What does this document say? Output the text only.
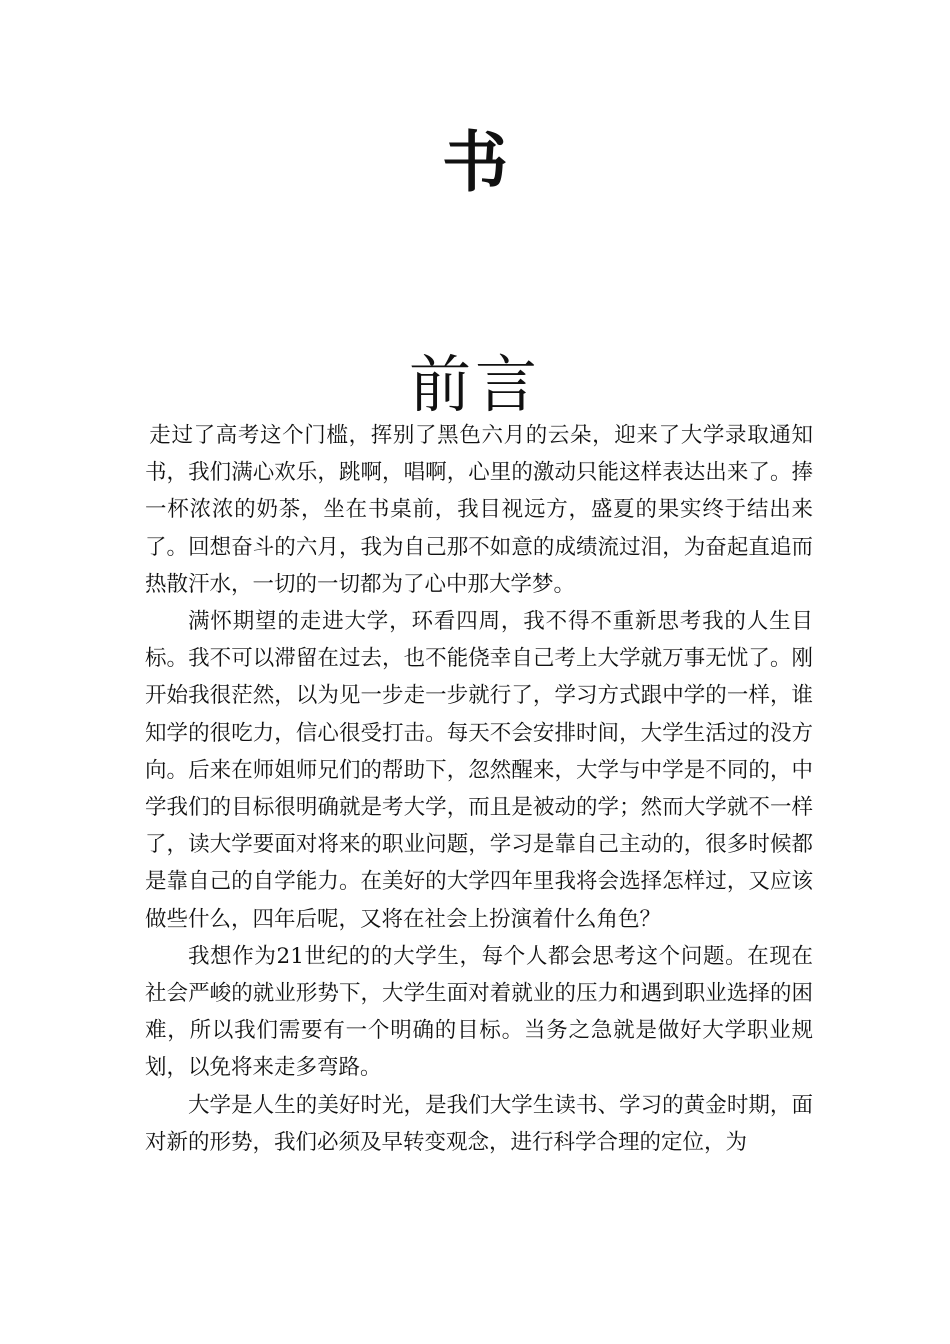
书
前言

走过了高考这个门槛，挥别了黑色六月的云朵，迎来了大学录取通知书，我们满心欢乐，跳啊，唱啊，心里的激动只能这样表达出来了。捧一杯浓浓的奶茶，坐在书桌前，我目视远方，盛夏的果实终于结出来了。回想奋斗的六月，我为自己那不如意的成绩流过泪，为奋起直追而热散汗水，一切的一切都为了心中那大学梦。

满怀期望的走进大学，环看四周，我不得不重新思考我的人生目标。我不可以滞留在过去，也不能侥幸自己考上大学就万事无忧了。刚开始我很茫然，以为见一步走一步就行了，学习方式跟中学的一样，谁知学的很吃力，信心很受打击。每天不会安排时间，大学生活过的没方向。后来在师姐师兄们的帮助下，忽然醒来，大学与中学是不同的，中学我们的目标很明确就是考大学，而且是被动的学；然而大学就不一样了，读大学要面对将来的职业问题，学习是靠自己主动的，很多时候都是靠自己的自学能力。在美好的大学四年里我将会选择怎样过，又应该做些什么，四年后呢，又将在社会上扮演着什么角色？

我想作为21世纪的的大学生，每个人都会思考这个问题。在现在社会严峻的就业形势下，大学生面对着就业的压力和遇到职业选择的困难，所以我们需要有一个明确的目标。当务之急就是做好大学职业规划，以免将来走多弯路。

大学是人生的美好时光，是我们大学生读书、学习的黄金时期，面对新的形势，我们必须及早转变观念，进行科学合理的定位，为
